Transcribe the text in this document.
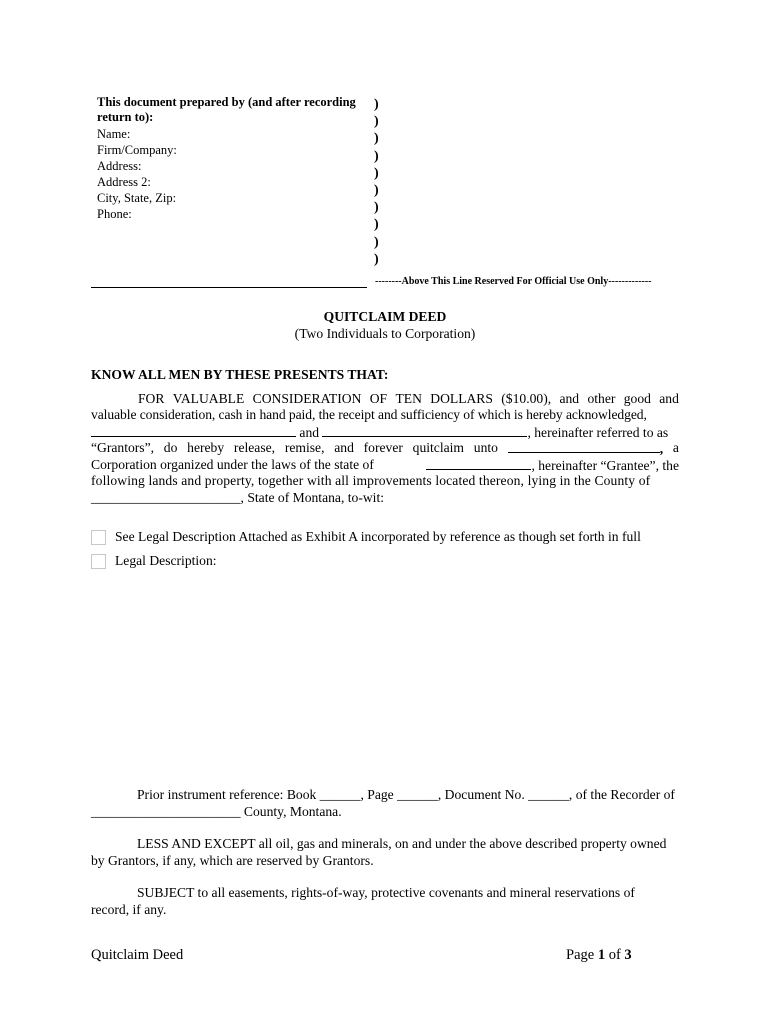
This document prepared by (and after recording
return to):
Name:
Firm/Company:
Address:
Address 2:
City, State, Zip:
Phone:
)
)
)
)
)
)
)
)
)
)
--------Above This Line Reserved For Official Use Only-------------
QUITCLAIM DEED
(Two Individuals to Corporation)
KNOW ALL MEN BY THESE PRESENTS THAT:
FOR VALUABLE CONSIDERATION OF TEN DOLLARS ($10.00), and other good and
valuable consideration, cash in hand paid, the receipt and sufficiency of which is hereby acknowledged,
and	, hereinafter referred to as
“Grantors”, do hereby release, remise, and forever quitclaim unto	, a
Corporation organized under the laws of the state of	, hereinafter “Grantee”, the
following lands and property, together with all improvements located thereon, lying in the County of
______________________, State of Montana, to-wit:
See Legal Description Attached as Exhibit A incorporated by reference as though set forth in full
Legal Description:
Prior instrument reference: Book ______, Page ______, Document No. ______, of the Recorder of
______________________ County, Montana.
LESS AND EXCEPT all oil, gas and minerals, on and under the above described property owned
by Grantors, if any, which are reserved by Grantors.
SUBJECT to all easements, rights-of-way, protective covenants and mineral reservations of
record, if any.
Quitclaim Deed	Page 1 of 3
